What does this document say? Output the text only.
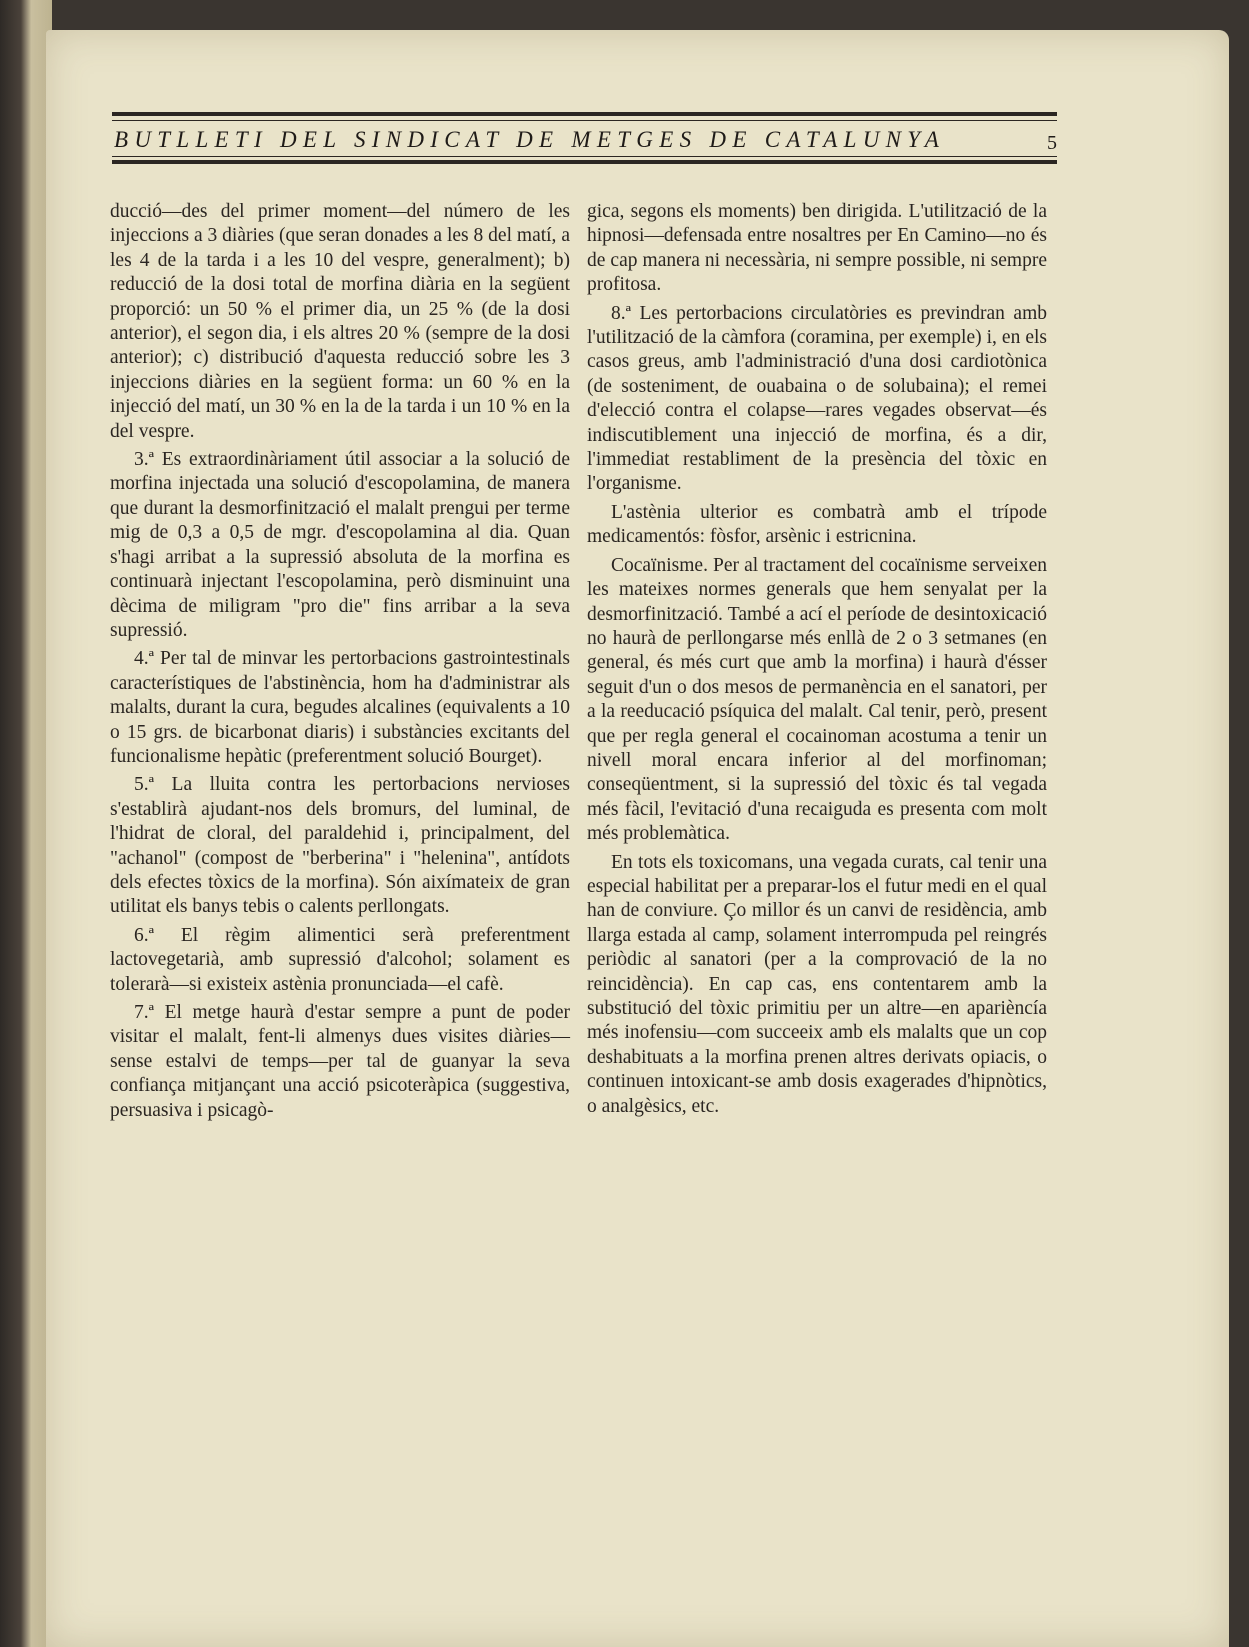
BUTLLETI DEL SINDICAT DE METGES DE CATALUNYA	5

ducció—des del primer moment—del número de les injeccions a 3 diàries (que seran donades a les 8 del matí, a les 4 de la tarda i a les 10 del vespre, generalment); b) reducció de la dosi total de morfina diària en la següent proporció: un 50 % el primer dia, un 25 % (de la dosi anterior), el segon dia, i els altres 20 % (sempre de la dosi anterior); c) distribució d'aquesta reducció sobre les 3 injeccions diàries en la següent forma: un 60 % en la injecció del matí, un 30 % en la de la tarda i un 10 % en la del vespre.

3.ª Es extraordinàriament útil associar a la solució de morfina injectada una solució d'escopolamina, de manera que durant la desmorfinització el malalt prengui per terme mig de 0,3 a 0,5 de mgr. d'escopolamina al dia. Quan s'hagi arribat a la supressió absoluta de la morfina es continuarà injectant l'escopolamina, però disminuint una dècima de miligram "pro die" fins arribar a la seva supressió.

4.ª Per tal de minvar les pertorbacions gastrointestinals característiques de l'abstinència, hom ha d'administrar als malalts, durant la cura, begudes alcalines (equivalents a 10 o 15 grs. de bicarbonat diaris) i substàncies excitants del funcionalisme hepàtic (preferentment solució Bourget).

5.ª La lluita contra les pertorbacions nervioses s'establirà ajudant-nos dels bromurs, del luminal, de l'hidrat de cloral, del paraldehid i, principalment, del "achanol" (compost de "berberina" i "helenina", antídots dels efectes tòxics de la morfina). Són aixímateix de gran utilitat els banys tebis o calents perllongats.

6.ª El règim alimentici serà preferentment lactovegetarià, amb supressió d'alcohol; solament es tolerarà—si existeix astènia pronunciada—el cafè.

7.ª El metge haurà d'estar sempre a punt de poder visitar el malalt, fent-li almenys dues visites diàries—sense estalvi de temps—per tal de guanyar la seva confiança mitjançant una acció psicoteràpica (suggestiva, persuasiva i psicagò-

gica, segons els moments) ben dirigida. L'utilització de la hipnosi—defensada entre nosaltres per En Camino—no és de cap manera ni necessària, ni sempre possible, ni sempre profitosa.

8.ª Les pertorbacions circulatòries es previndran amb l'utilització de la càmfora (coramina, per exemple) i, en els casos greus, amb l'administració d'una dosi cardiotònica (de sosteniment, de ouabaina o de solubaina); el remei d'elecció contra el colapse—rares vegades observat—és indiscutiblement una injecció de morfina, és a dir, l'immediat restabliment de la presència del tòxic en l'organisme.

L'astènia ulterior es combatrà amb el trípode medicamentós: fòsfor, arsènic i estricnina.

Cocaïnisme. Per al tractament del cocaïnisme serveixen les mateixes normes generals que hem senyalat per la desmorfinització. També a ací el període de desintoxicació no haurà de perllongarse més enllà de 2 o 3 setmanes (en general, és més curt que amb la morfina) i haurà d'ésser seguit d'un o dos mesos de permanència en el sanatori, per a la reeducació psíquica del malalt. Cal tenir, però, present que per regla general el cocainoman acostuma a tenir un nivell moral encara inferior al del morfinoman; conseqüentment, si la supressió del tòxic és tal vegada més fàcil, l'evitació d'una recaiguda es presenta com molt més problemàtica.

En tots els toxicomans, una vegada curats, cal tenir una especial habilitat per a preparar-los el futur medi en el qual han de conviure. Ço millor és un canvi de residència, amb llarga estada al camp, solament interrompuda pel reingrés periòdic al sanatori (per a la comprovació de la no reincidència). En cap cas, ens contentarem amb la substitució del tòxic primitiu per un altre—en aparièncía més inofensiu—com succeeix amb els malalts que un cop deshabituats a la morfina prenen altres derivats opiacis, o continuen intoxicant-se amb dosis exagerades d'hipnòtics, o analgèsics, etc.
